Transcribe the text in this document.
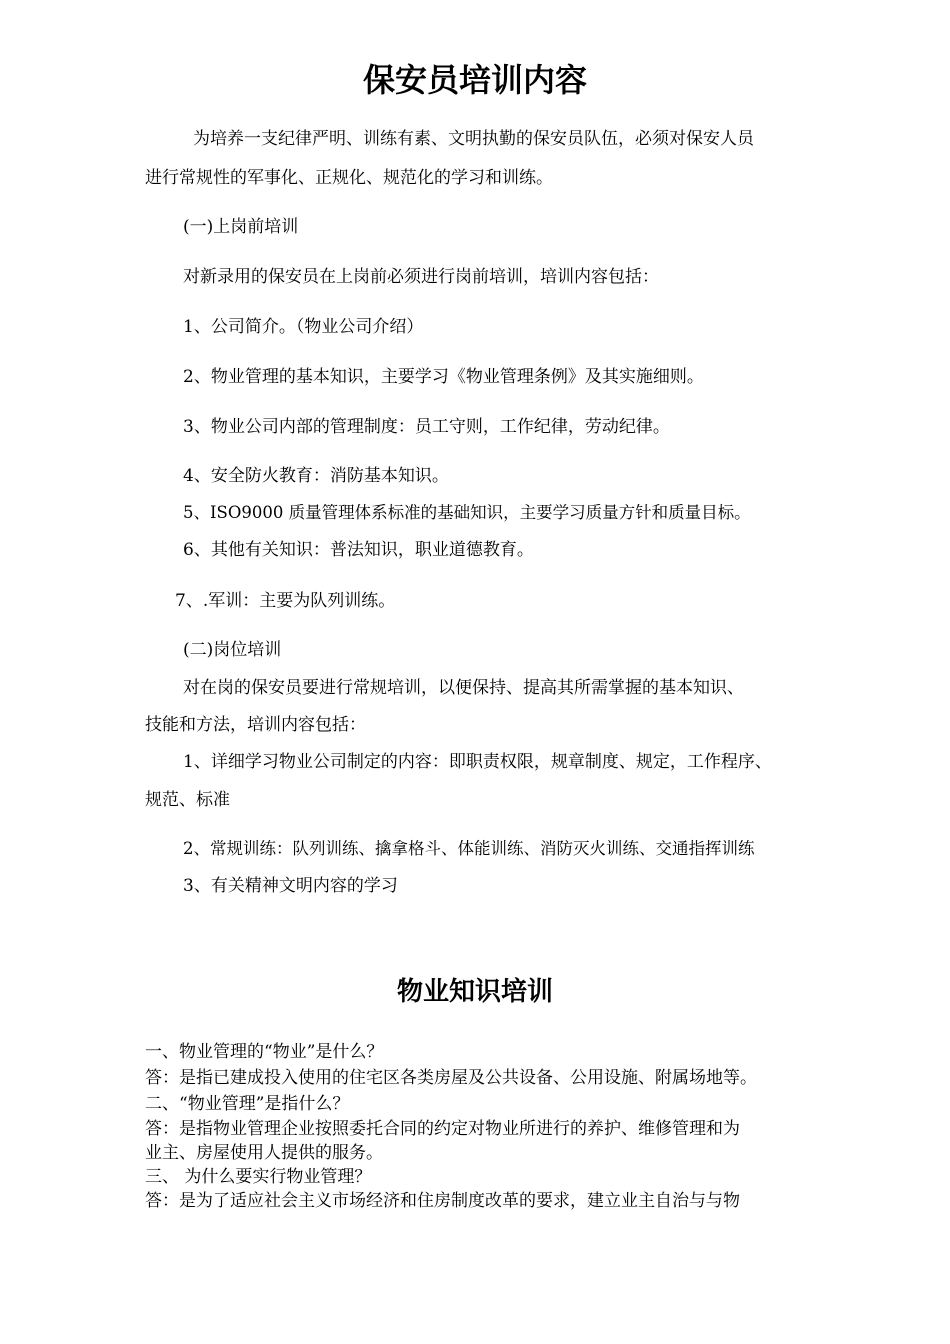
保安员培训内容
为培养一支纪律严明、训练有素、文明执勤的保安员队伍，必须对保安人员
进行常规性的军事化、正规化、规范化的学习和训练。
(一)上岗前培训
对新录用的保安员在上岗前必须进行岗前培训，培训内容包括：
1、公司简介。（物业公司介绍）
2、物业管理的基本知识，主要学习《物业管理条例》及其实施细则。
3、物业公司内部的管理制度：员工守则，工作纪律，劳动纪律。
4、安全防火教育：消防基本知识。
5、ISO9000 质量管理体系标准的基础知识，主要学习质量方针和质量目标。
6、其他有关知识：普法知识，职业道德教育。
7、.军训：主要为队列训练。
(二)岗位培训
对在岗的保安员要进行常规培训，以便保持、提高其所需掌握的基本知识、
技能和方法，培训内容包括：
1、详细学习物业公司制定的内容：即职责权限，规章制度、规定，工作程序、
规范、标准
2、常规训练：队列训练、擒拿格斗、体能训练、消防灭火训练、交通指挥训练
3、有关精神文明内容的学习
物业知识培训
一、物业管理的“物业”是什么？
答：是指已建成投入使用的住宅区各类房屋及公共设备、公用设施、附属场地等。
二、“物业管理”是指什么？
答：是指物业管理企业按照委托合同的约定对物业所进行的养护、维修管理和为
业主、房屋使用人提供的服务。
三、 为什么要实行物业管理？
答：是为了适应社会主义市场经济和住房制度改革的要求，建立业主自治与与物
